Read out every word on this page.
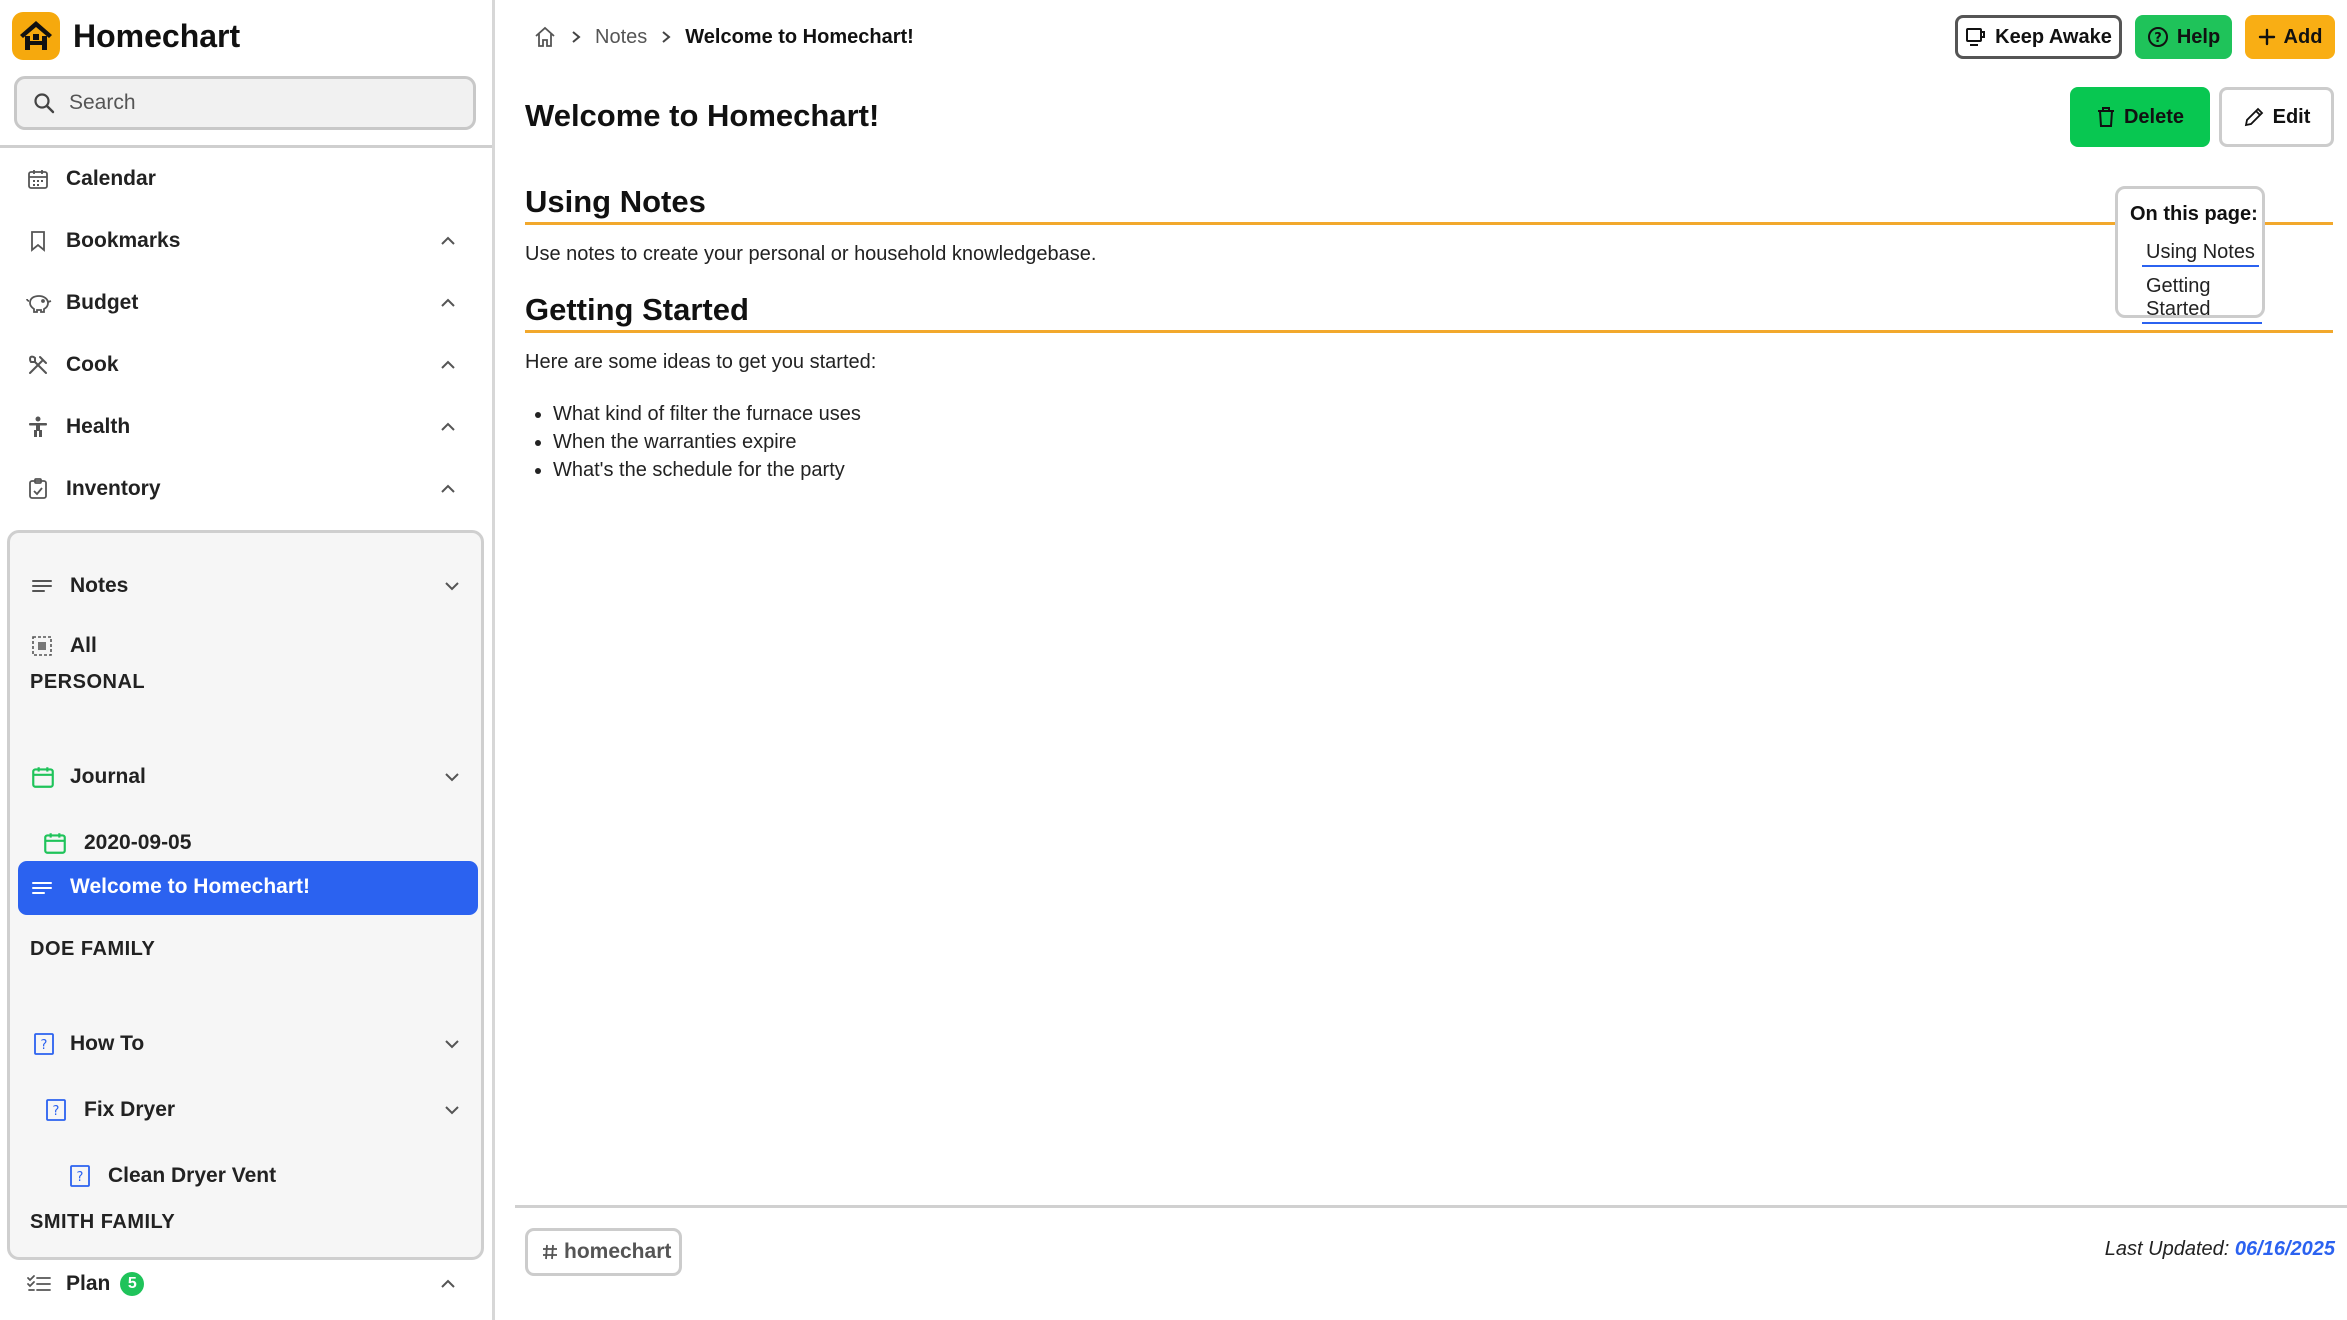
Homechart
Search
Calendar
Bookmarks
Budget
Cook
Health
Inventory
Notes
All
PERSONAL
Journal
2020-09-05
Welcome to Homechart!
DOE FAMILY
? How To
? Fix Dryer
? Clean Dryer Vent
SMITH FAMILY
Plan	5
Notes Welcome to Homechart!	Keep Awake	? Help	Add
Welcome to Homechart!	Delete	Edit
Using Notes
Use notes to create your personal or household knowledgebase.
Getting Started
Here are some ideas to get you started:
• What kind of filter the furnace uses
• When the warranties expire
• What's the schedule for the party
On this page:
Using Notes
Getting Started
homechart	Last Updated: 06/16/2025
